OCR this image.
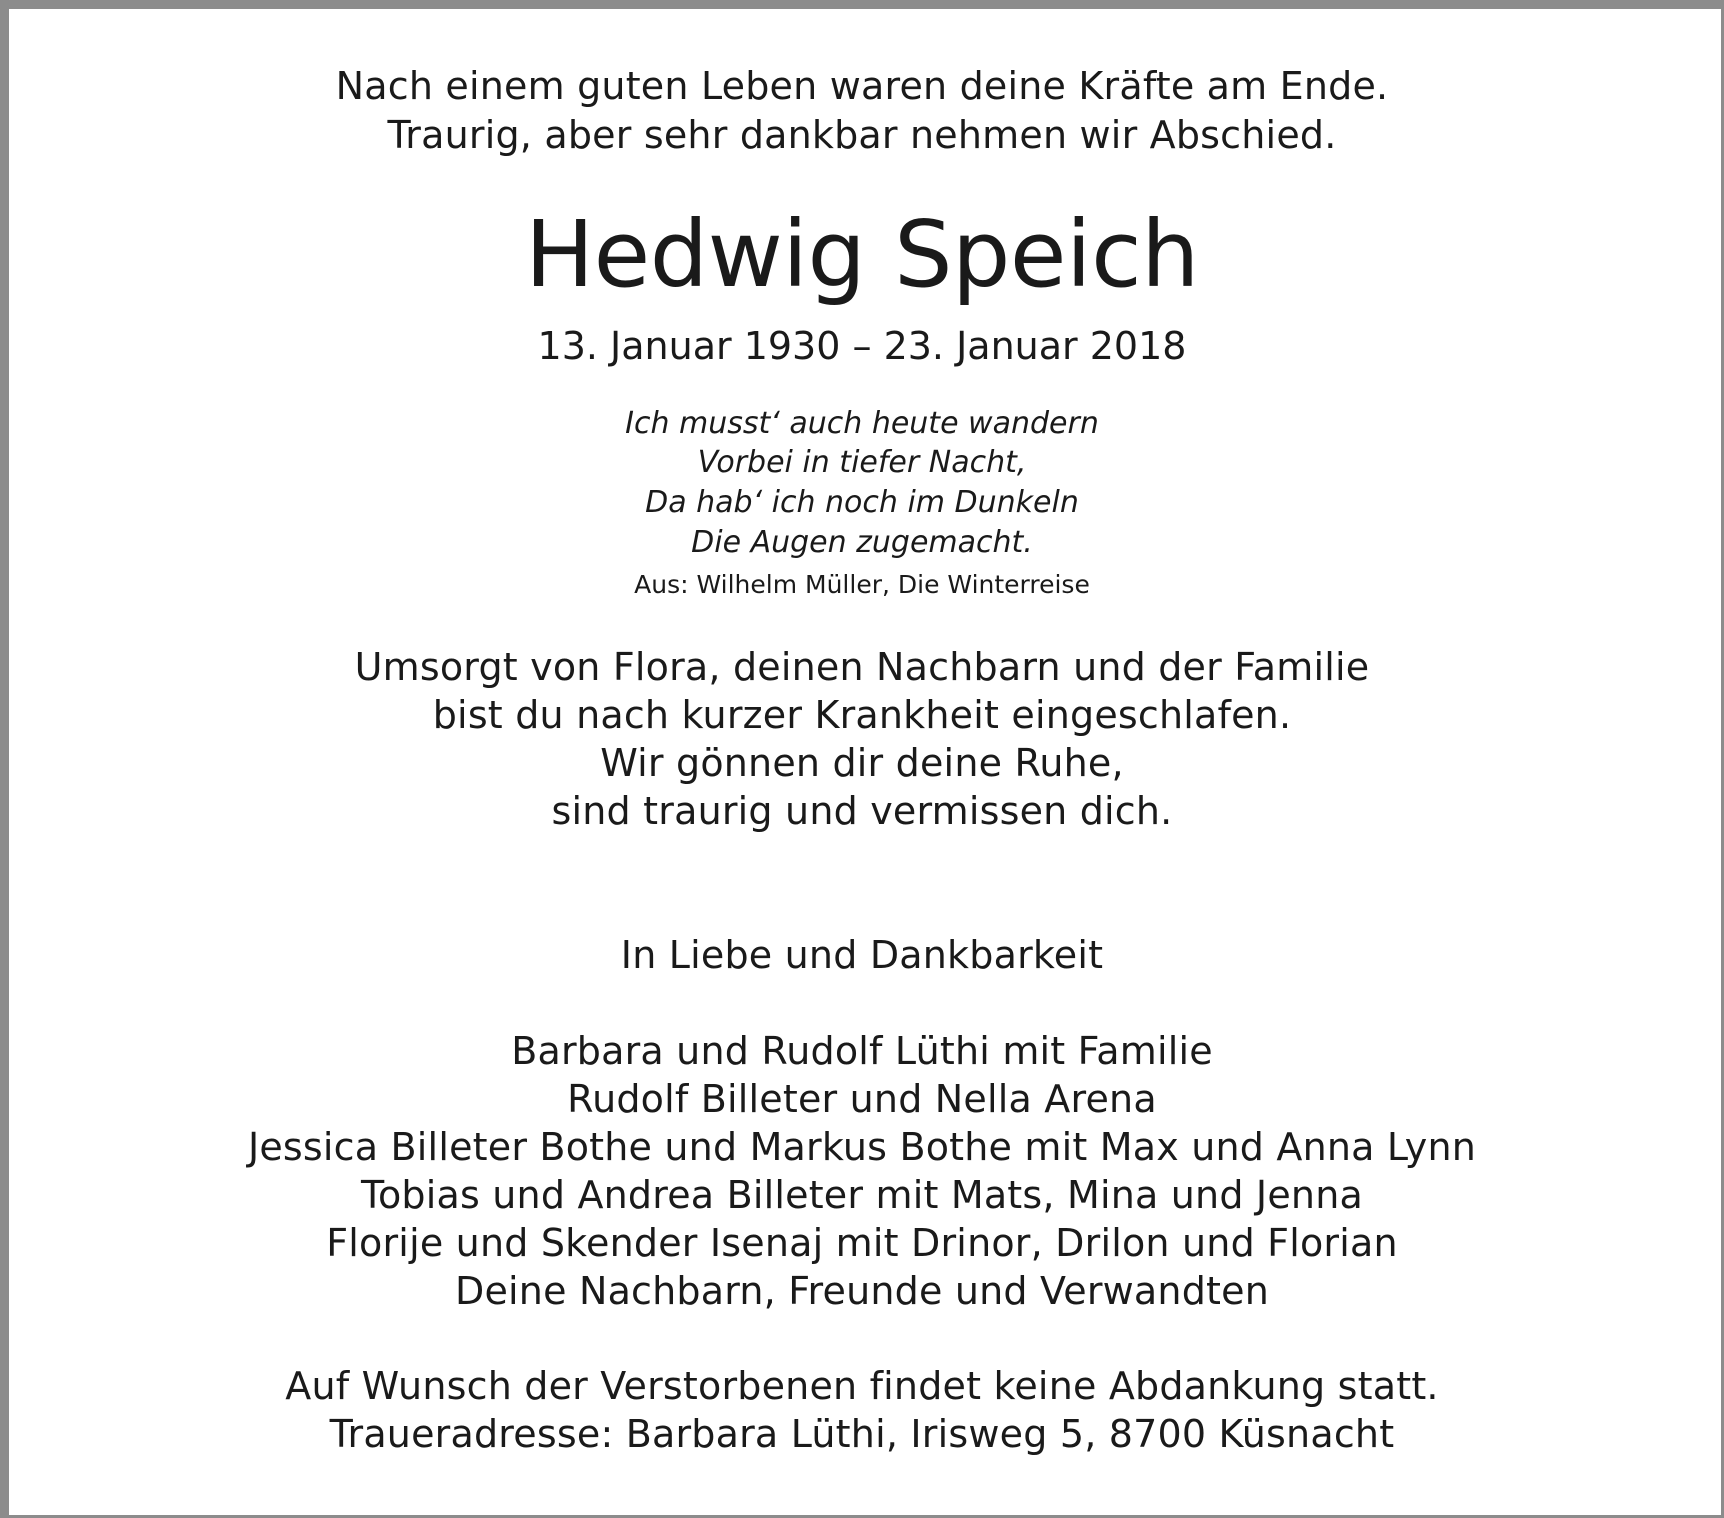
Nach einem guten Leben waren deine Kräfte am Ende.
Traurig, aber sehr dankbar nehmen wir Abschied.
Hedwig Speich
13. Januar 1930 – 23. Januar 2018
Ich musst‘ auch heute wandern
Vorbei in tiefer Nacht,
Da hab‘ ich noch im Dunkeln
Die Augen zugemacht.
Aus: Wilhelm Müller, Die Winterreise
Umsorgt von Flora, deinen Nachbarn und der Familie
bist du nach kurzer Krankheit eingeschlafen.
Wir gönnen dir deine Ruhe,
sind traurig und vermissen dich.
In Liebe und Dankbarkeit
Barbara und Rudolf Lüthi mit Familie
Rudolf Billeter und Nella Arena
Jessica Billeter Bothe und Markus Bothe mit Max und Anna Lynn
Tobias und Andrea Billeter mit Mats, Mina und Jenna
Florije und Skender Isenaj mit Drinor, Drilon und Florian
Deine Nachbarn, Freunde und Verwandten
Auf Wunsch der Verstorbenen findet keine Abdankung statt.
Traueradresse: Barbara Lüthi, Irisweg 5, 8700 Küsnacht
